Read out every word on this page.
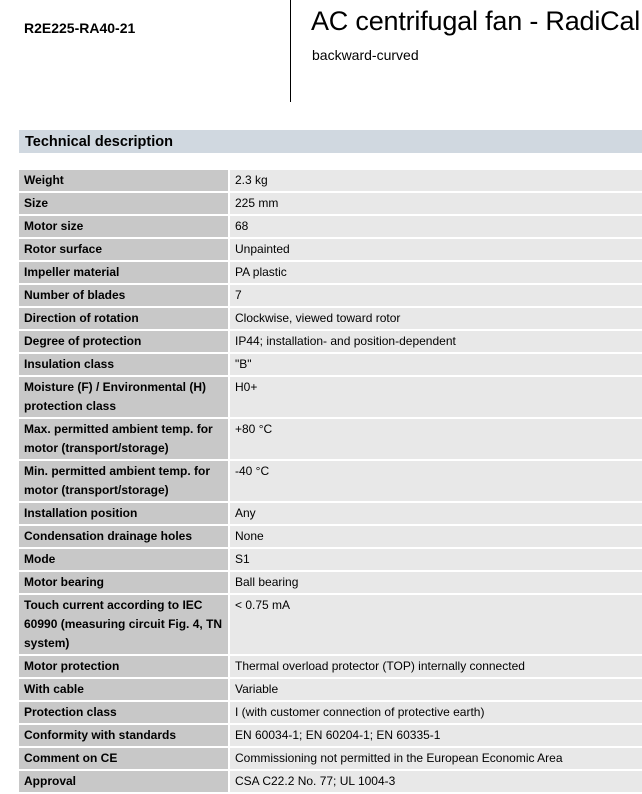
R2E225-RA40-21	AC centrifugal fan - RadiCal
backward-curved
Technical description
Weight	2.3 kg
Size	225 mm
Motor size	68
Rotor surface	Unpainted
Impeller material	PA plastic
Number of blades	7
Direction of rotation	Clockwise, viewed toward rotor
Degree of protection	IP44; installation- and position-dependent
Insulation class	"B"
Moisture (F) / Environmental (H) protection class	H0+
Max. permitted ambient temp. for motor (transport/storage)	+80 °C
Min. permitted ambient temp. for motor (transport/storage)	-40 °C
Installation position	Any
Condensation drainage holes	None
Mode	S1
Motor bearing	Ball bearing
Touch current according to IEC 60990 (measuring circuit Fig. 4, TN system)	< 0.75 mA
Motor protection	Thermal overload protector (TOP) internally connected
With cable	Variable
Protection class	I (with customer connection of protective earth)
Conformity with standards	EN 60034-1; EN 60204-1; EN 60335-1
Comment on CE	Commissioning not permitted in the European Economic Area
Approval	CSA C22.2 No. 77; UL 1004-3
